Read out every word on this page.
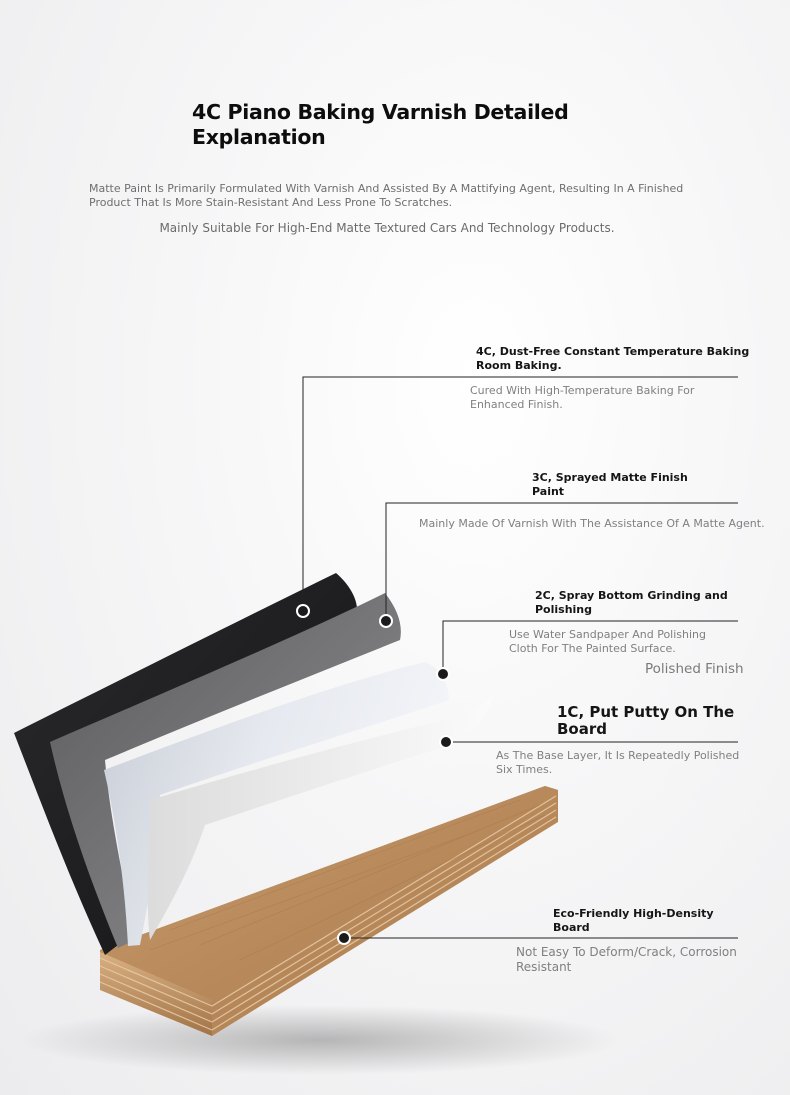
4C Piano Baking Varnish Detailed
Explanation
Matte Paint Is Primarily Formulated With Varnish And Assisted By A Mattifying Agent, Resulting In A Finished
Product That Is More Stain-Resistant And Less Prone To Scratches.
Mainly Suitable For High-End Matte Textured Cars And Technology Products.
4C, Dust-Free Constant Temperature Baking
Room Baking.
Cured With High-Temperature Baking For
Enhanced Finish.
3C, Sprayed Matte Finish
Paint
Mainly Made Of Varnish With The Assistance Of A Matte Agent.
2C, Spray Bottom Grinding and
Polishing
Use Water Sandpaper And Polishing
Cloth For The Painted Surface.
Polished Finish
1C, Put Putty On The
Board
As The Base Layer, It Is Repeatedly Polished
Six Times.
Eco-Friendly High-Density
Board
Not Easy To Deform/Crack, Corrosion
Resistant
